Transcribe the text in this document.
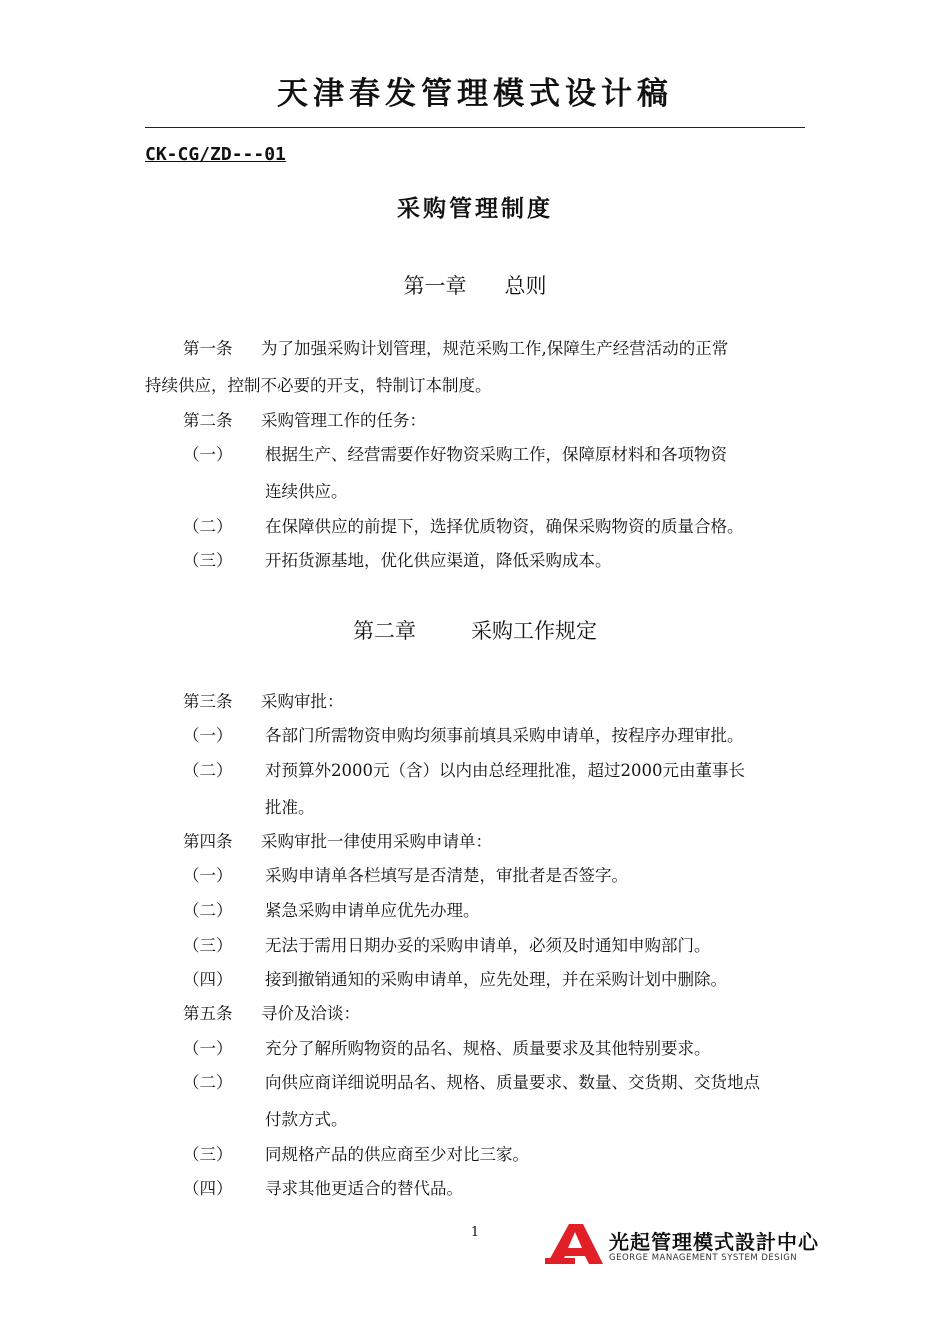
天津春发管理模式设计稿
CK-CG/ZD---01
采购管理制度
第一章 总则
第一条 为了加强采购计划管理，规范采购工作,保障生产经营活动的正常
持续供应，控制不必要的开支，特制订本制度。
第二条 采购管理工作的任务：
（一） 根据生产、经营需要作好物资采购工作，保障原材料和各项物资
连续供应。
（二） 在保障供应的前提下，选择优质物资，确保采购物资的质量合格。
（三） 开拓货源基地，优化供应渠道，降低采购成本。
第二章	采购工作规定
第三条 采购审批：
（一） 各部门所需物资申购均须事前填具采购申请单，按程序办理审批。
（二） 对预算外2000元（含）以内由总经理批准，超过2000元由董事长
批准。
第四条 采购审批一律使用采购申请单：
（一） 采购申请单各栏填写是否清楚，审批者是否签字。
（二） 紧急采购申请单应优先办理。
（三） 无法于需用日期办妥的采购申请单，必须及时通知申购部门。
（四） 接到撤销通知的采购申请单，应先处理，并在采购计划中删除。
第五条 寻价及洽谈：
（一） 充分了解所购物资的品名、规格、质量要求及其他特别要求。
（二） 向供应商详细说明品名、规格、质量要求、数量、交货期、交货地点
付款方式。
（三） 同规格产品的供应商至少对比三家。
（四） 寻求其他更适合的替代品。
1	光起管理模式設計中心
GEORGE MANAGEMENT SYSTEM DESIGN
